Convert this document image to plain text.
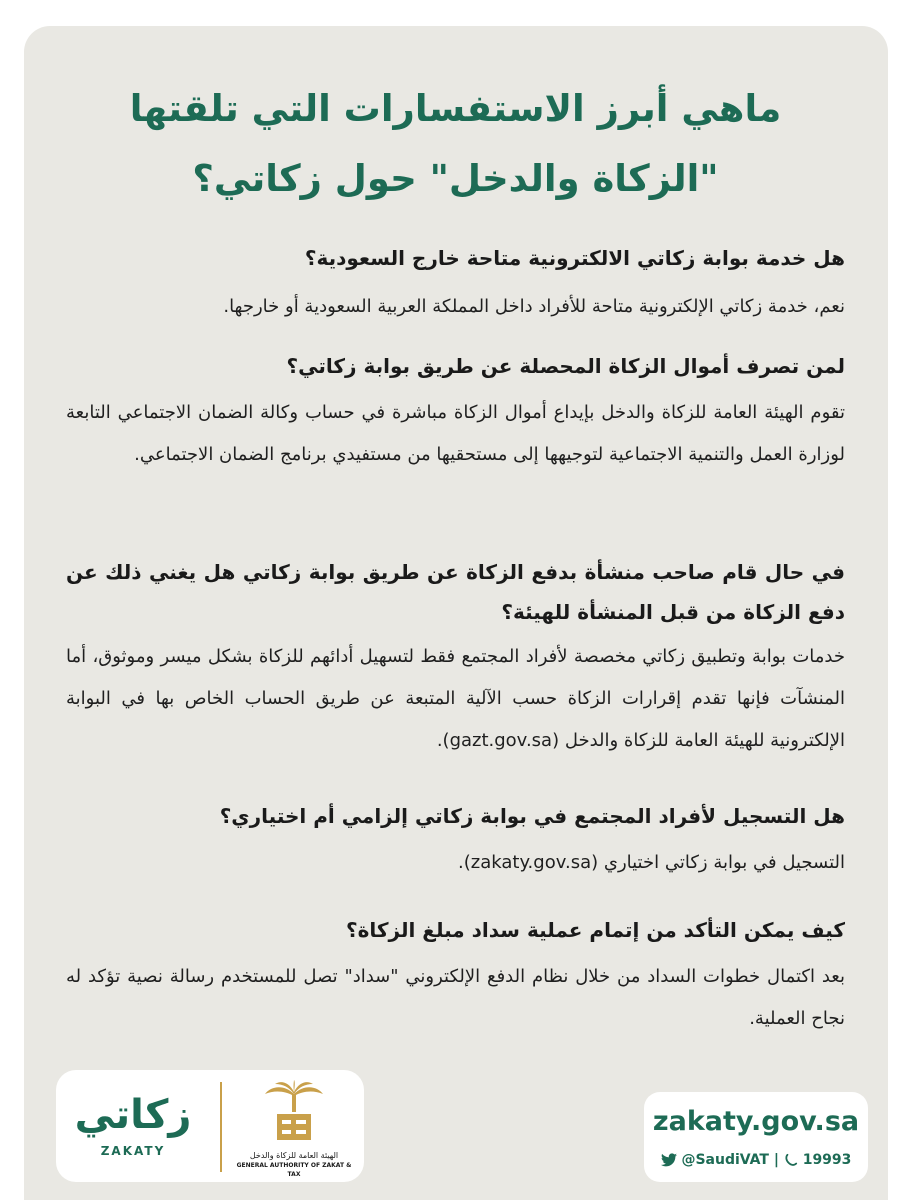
ماهي أبرز الاستفسارات التي تلقتها
"الزكاة والدخل" حول زكاتي؟
هل خدمة بوابة زكاتي الالكترونية متاحة خارج السعودية؟
نعم، خدمة زكاتي الإلكترونية متاحة للأفراد داخل المملكة العربية السعودية أو خارجها.
لمن تصرف أموال الزكاة المحصلة عن طريق بوابة زكاتي؟
تقوم الهيئة العامة للزكاة والدخل بإيداع أموال الزكاة مباشرة في حساب وكالة الضمان الاجتماعي التابعة لوزارة العمل والتنمية الاجتماعية لتوجيهها إلى مستحقيها من مستفيدي برنامج الضمان الاجتماعي.
في حال قام صاحب منشأة بدفع الزكاة عن طريق بوابة زكاتي هل يغني ذلك عن دفع الزكاة من قبل المنشأة للهيئة؟
خدمات بوابة وتطبيق زكاتي مخصصة لأفراد المجتمع فقط لتسهيل أدائهم للزكاة بشكل ميسر وموثوق، أما المنشآت فإنها تقدم إقرارات الزكاة حسب الآلية المتبعة عن طريق الحساب الخاص بها في البوابة الإلكترونية للهيئة العامة للزكاة والدخل (gazt.gov.sa).
هل التسجيل لأفراد المجتمع في بوابة زكاتي إلزامي أم اختياري؟
التسجيل في بوابة زكاتي اختياري (zakaty.gov.sa).
كيف يمكن التأكد من إتمام عملية سداد مبلغ الزكاة؟
بعد اكتمال خطوات السداد من خلال نظام الدفع الإلكتروني "سداد" تصل للمستخدم رسالة نصية تؤكد له نجاح العملية.
زكاتي
ZAKATY	الهيئة العامة للزكاة والدخل
GENERAL AUTHORITY OF ZAKAT & TAX
zakaty.gov.sa
@SaudiVAT | 19993
